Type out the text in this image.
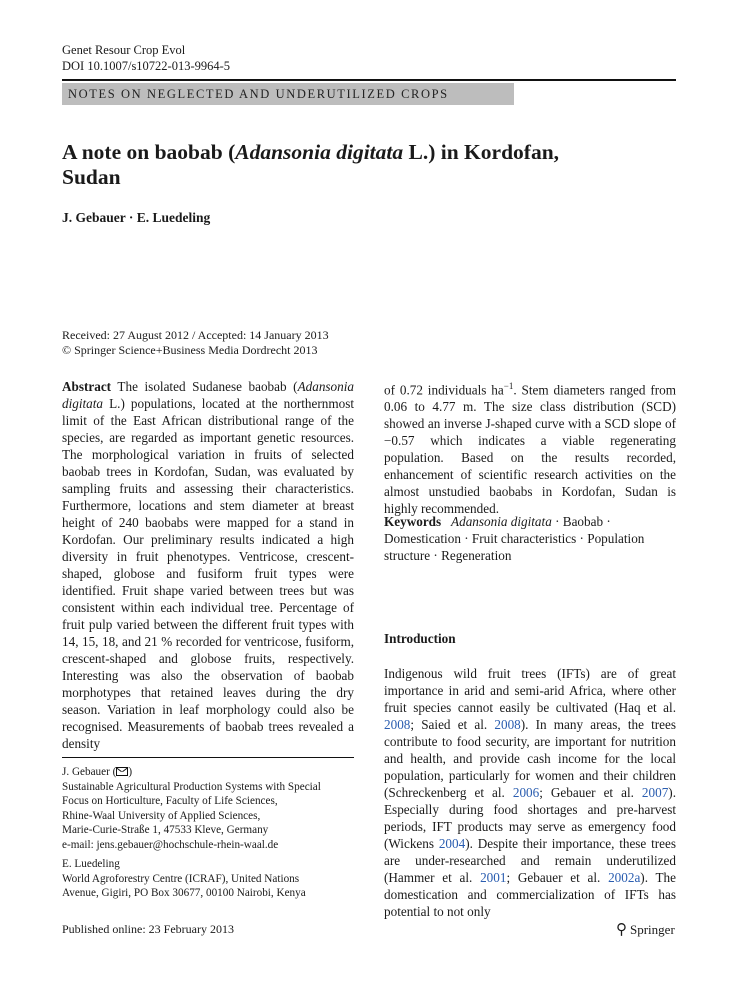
Genet Resour Crop Evol
DOI 10.1007/s10722-013-9964-5
NOTES ON NEGLECTED AND UNDERUTILIZED CROPS
A note on baobab (Adansonia digitata L.) in Kordofan,
Sudan
J. Gebauer · E. Luedeling
Received: 27 August 2012 / Accepted: 14 January 2013
© Springer Science+Business Media Dordrecht 2013
Abstract The isolated Sudanese baobab (Adansonia digitata L.) populations, located at the northernmost limit of the East African distributional range of the species, are regarded as important genetic resources. The morphological variation in fruits of selected baobab trees in Kordofan, Sudan, was evaluated by sampling fruits and assessing their characteristics. Furthermore, locations and stem diameter at breast height of 240 baobabs were mapped for a stand in Kordofan. Our preliminary results indicated a high diversity in fruit phenotypes. Ventricose, crescent-shaped, globose and fusiform fruit types were identified. Fruit shape varied between trees but was consistent within each individual tree. Percentage of fruit pulp varied between the different fruit types with 14, 15, 18, and 21 % recorded for ventricose, fusiform, crescent-shaped and globose fruits, respectively. Interesting was also the observation of baobab morphotypes that retained leaves during the dry season. Variation in leaf morphology could also be recognised. Measurements of baobab trees revealed a density
of 0.72 individuals $ha^{-1}$. Stem diameters ranged from 0.06 to 4.77 m. The size class distribution (SCD) showed an inverse J-shaped curve with a SCD slope of −0.57 which indicates a viable regenerating population. Based on the results recorded, enhancement of scientific research activities on the almost unstudied baobabs in Kordofan, Sudan is highly recommended.
Keywords Adansonia digitata · Baobab · Domestication · Fruit characteristics · Population structure · Regeneration
Introduction
Indigenous wild fruit trees (IFTs) are of great importance in arid and semi-arid Africa, where other fruit species cannot easily be cultivated (Haq et al. 2008; Saied et al. 2008). In many areas, the trees contribute to food security, are important for nutrition and health, and provide cash income for the local population, particularly for women and their children (Schreckenberg et al. 2006; Gebauer et al. 2007). Especially during food shortages and pre-harvest periods, IFT products may serve as emergency food (Wickens 2004). Despite their importance, these trees are under-researched and remain underutilized (Hammer et al. 2001; Gebauer et al. 2002a). The domestication and commercialization of IFTs has potential to not only
J. Gebauer ( )
Sustainable Agricultural Production Systems with Special
Focus on Horticulture, Faculty of Life Sciences,
Rhine-Waal University of Applied Sciences,
Marie-Curie-Straße 1, 47533 Kleve, Germany
e-mail: jens.gebauer@hochschule-rhein-waal.de
E. Luedeling
World Agroforestry Centre (ICRAF), United Nations
Avenue, Gigiri, PO Box 30677, 00100 Nairobi, Kenya
Published online: 23 February 2013	⚲ Springer
